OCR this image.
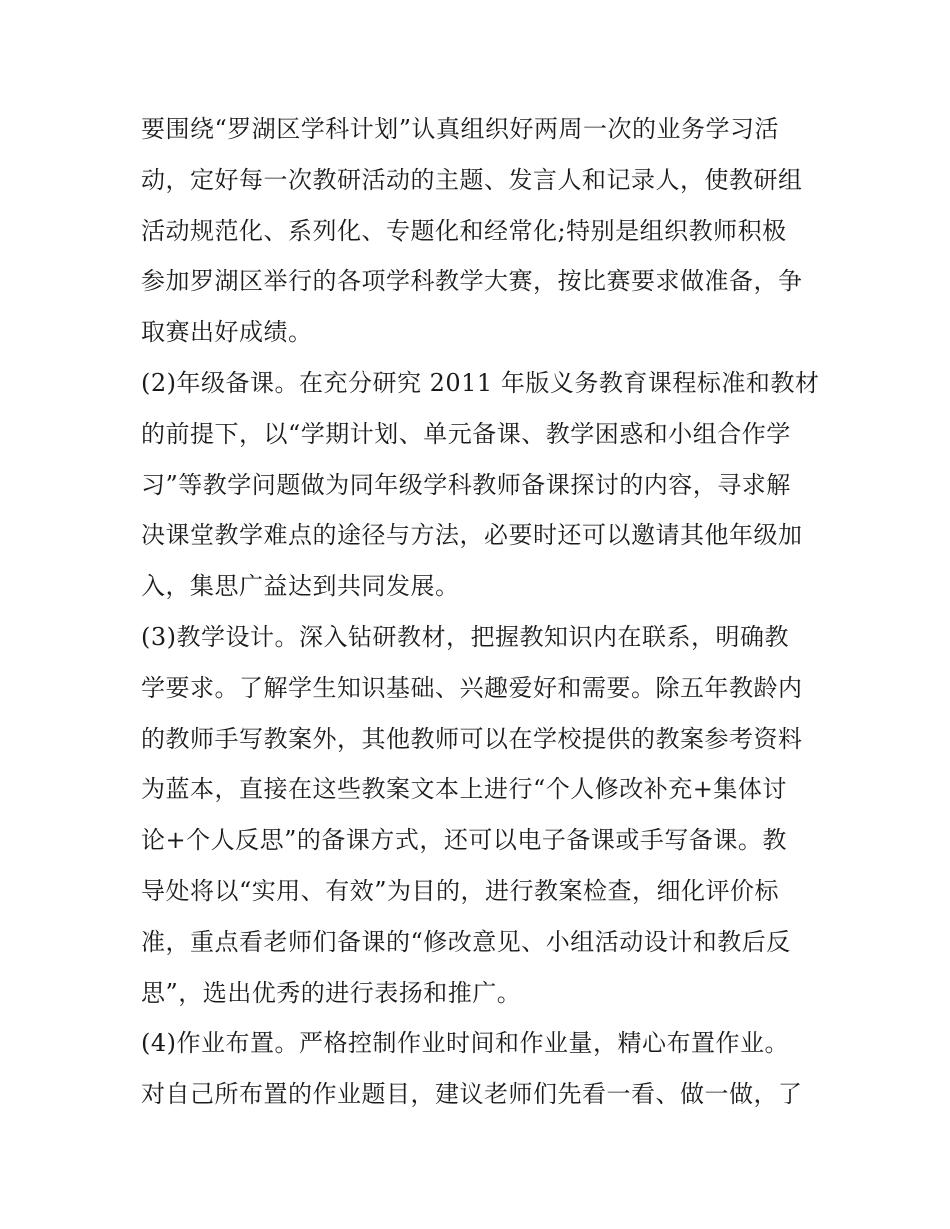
要围绕“罗湖区学科计划”认真组织好两周一次的业务学习活
动，定好每一次教研活动的主题、发言人和记录人，使教研组
活动规范化、系列化、专题化和经常化;特别是组织教师积极
参加罗湖区举行的各项学科教学大赛，按比赛要求做准备，争
取赛出好成绩。
(2)年级备课。在充分研究 2011 年版义务教育课程标准和教材
的前提下，以“学期计划、单元备课、教学困惑和小组合作学
习”等教学问题做为同年级学科教师备课探讨的内容，寻求解
决课堂教学难点的途径与方法，必要时还可以邀请其他年级加
入，集思广益达到共同发展。
(3)教学设计。深入钻研教材，把握教知识内在联系，明确教
学要求。了解学生知识基础、兴趣爱好和需要。除五年教龄内
的教师手写教案外，其他教师可以在学校提供的教案参考资料
为蓝本，直接在这些教案文本上进行“个人修改补充+集体讨
论+个人反思”的备课方式，还可以电子备课或手写备课。教
导处将以“实用、有效”为目的，进行教案检查，细化评价标
准，重点看老师们备课的“修改意见、小组活动设计和教后反
思”，选出优秀的进行表扬和推广。
(4)作业布置。严格控制作业时间和作业量，精心布置作业。
对自己所布置的作业题目，建议老师们先看一看、做一做，了
